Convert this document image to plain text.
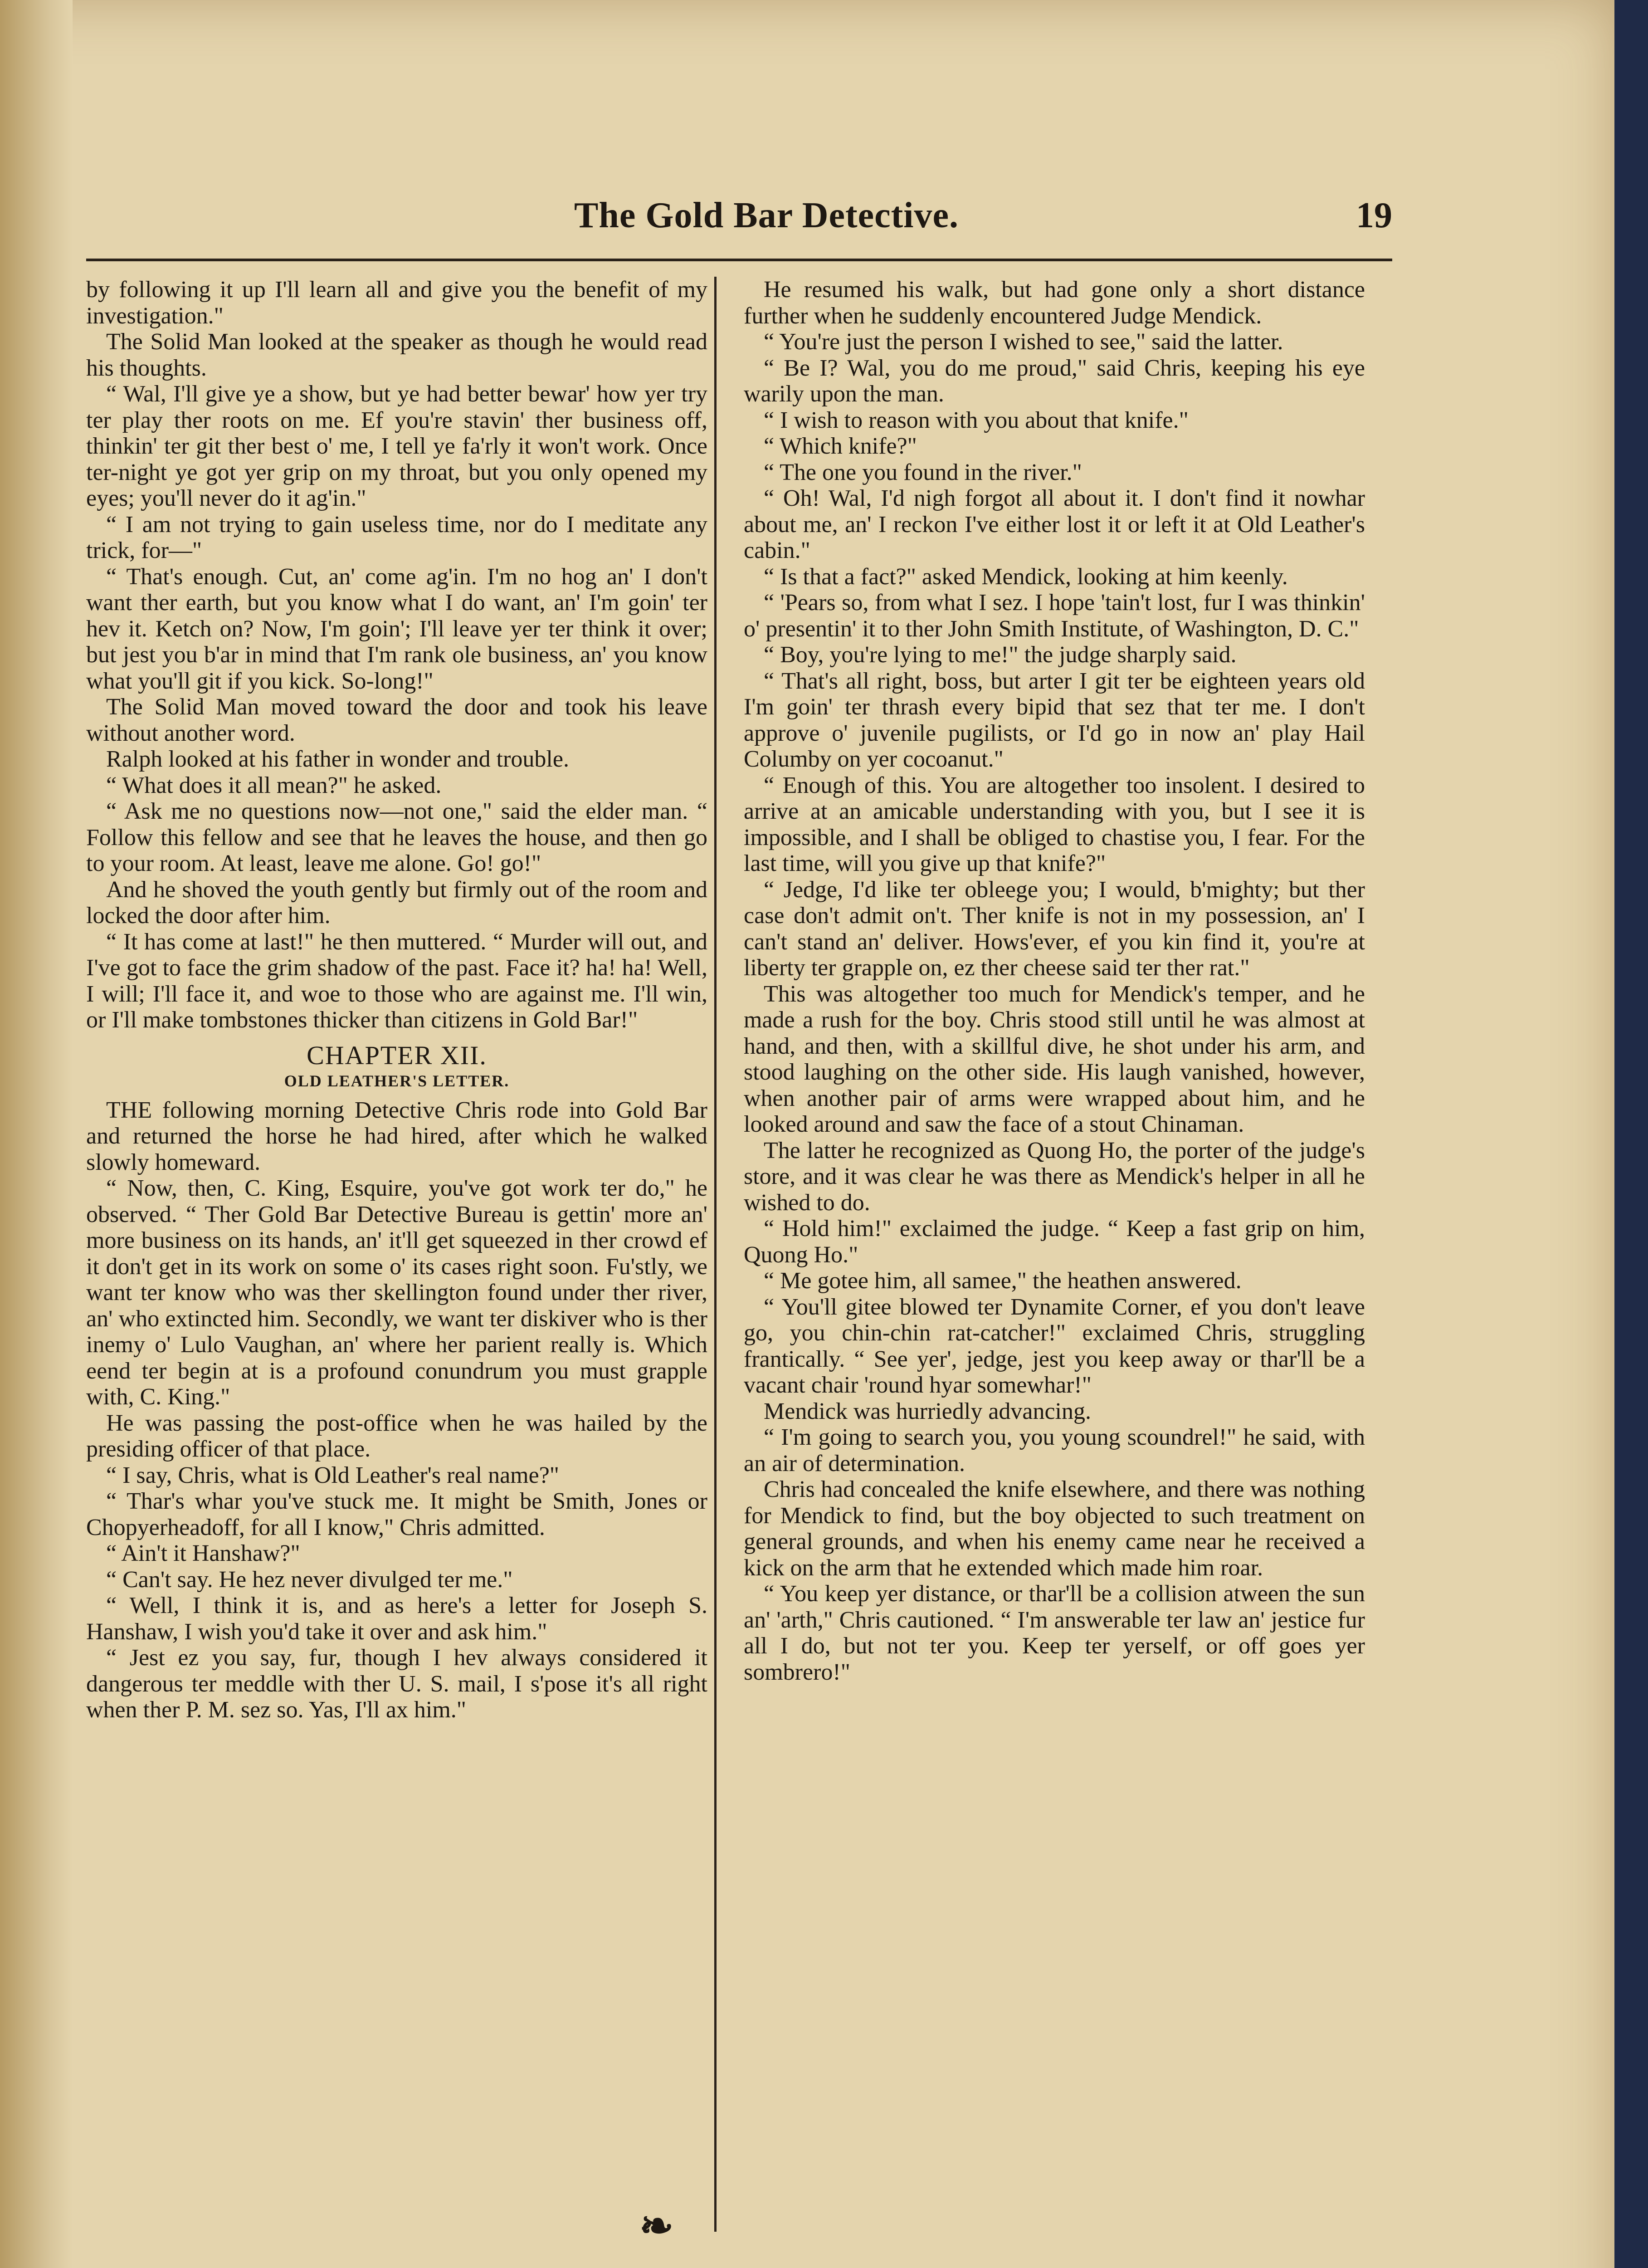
The Gold Bar Detective.	19

by following it up I'll learn all and give you the benefit of my investigation."

The Solid Man looked at the speaker as though he would read his thoughts.

“ Wal, I'll give ye a show, but ye had better bewar' how yer try ter play ther roots on me. Ef you're stavin' ther business off, thinkin' ter git ther best o' me, I tell ye fa'rly it won't work. Once ter-night ye got yer grip on my throat, but you only opened my eyes; you'll never do it ag'in."

“ I am not trying to gain useless time, nor do I meditate any trick, for—"

“ That's enough. Cut, an' come ag'in. I'm no hog an' I don't want ther earth, but you know what I do want, an' I'm goin' ter hev it. Ketch on? Now, I'm goin'; I'll leave yer ter think it over; but jest you b'ar in mind that I'm rank ole business, an' you know what you'll git if you kick. So-long!"

The Solid Man moved toward the door and took his leave without another word.

Ralph looked at his father in wonder and trouble.

“ What does it all mean?" he asked.

“ Ask me no questions now—not one," said the elder man. “ Follow this fellow and see that he leaves the house, and then go to your room. At least, leave me alone. Go! go!"

And he shoved the youth gently but firmly out of the room and locked the door after him.

“ It has come at last!" he then muttered. “ Murder will out, and I've got to face the grim shadow of the past. Face it? ha! ha! Well, I will; I'll face it, and woe to those who are against me. I'll win, or I'll make tombstones thicker than citizens in Gold Bar!"

CHAPTER XII.
OLD LEATHER'S LETTER.

THE following morning Detective Chris rode into Gold Bar and returned the horse he had hired, after which he walked slowly homeward.

“ Now, then, C. King, Esquire, you've got work ter do," he observed. “ Ther Gold Bar Detective Bureau is gettin' more an' more business on its hands, an' it'll get squeezed in ther crowd ef it don't get in its work on some o' its cases right soon. Fu'stly, we want ter know who was ther skellington found under ther river, an' who extincted him. Secondly, we want ter diskiver who is ther inemy o' Lulo Vaughan, an' where her parient really is. Which eend ter begin at is a profound conundrum you must grapple with, C. King."

He was passing the post-office when he was hailed by the presiding officer of that place.

“ I say, Chris, what is Old Leather's real name?"

“ Thar's whar you've stuck me. It might be Smith, Jones or Chopyerheadoff, for all I know," Chris admitted.

“ Ain't it Hanshaw?"

“ Can't say. He hez never divulged ter me."

“ Well, I think it is, and as here's a letter for Joseph S. Hanshaw, I wish you'd take it over and ask him."

“ Jest ez you say, fur, though I hev always considered it dangerous ter meddle with ther U. S. mail, I s'pose it's all right when ther P. M. sez so. Yas, I'll ax him."

He resumed his walk, but had gone only a short distance further when he suddenly encountered Judge Mendick.

“ You're just the person I wished to see," said the latter.

“ Be I? Wal, you do me proud," said Chris, keeping his eye warily upon the man.

“ I wish to reason with you about that knife."

“ Which knife?"

“ The one you found in the river."

“ Oh! Wal, I'd nigh forgot all about it. I don't find it nowhar about me, an' I reckon I've either lost it or left it at Old Leather's cabin."

“ Is that a fact?" asked Mendick, looking at him keenly.

“ 'Pears so, from what I sez. I hope 'tain't lost, fur I was thinkin' o' presentin' it to ther John Smith Institute, of Washington, D. C."

“ Boy, you're lying to me!" the judge sharply said.

“ That's all right, boss, but arter I git ter be eighteen years old I'm goin' ter thrash every bipid that sez that ter me. I don't approve o' juvenile pugilists, or I'd go in now an' play Hail Columby on yer cocoanut."

“ Enough of this. You are altogether too insolent. I desired to arrive at an amicable understanding with you, but I see it is impossible, and I shall be obliged to chastise you, I fear. For the last time, will you give up that knife?"

“ Jedge, I'd like ter obleege you; I would, b'mighty; but ther case don't admit on't. Ther knife is not in my possession, an' I can't stand an' deliver. Hows'ever, ef you kin find it, you're at liberty ter grapple on, ez ther cheese said ter ther rat."

This was altogether too much for Mendick's temper, and he made a rush for the boy. Chris stood still until he was almost at hand, and then, with a skillful dive, he shot under his arm, and stood laughing on the other side. His laugh vanished, however, when another pair of arms were wrapped about him, and he looked around and saw the face of a stout Chinaman.

The latter he recognized as Quong Ho, the porter of the judge's store, and it was clear he was there as Mendick's helper in all he wished to do.

“ Hold him!" exclaimed the judge. “ Keep a fast grip on him, Quong Ho."

“ Me gotee him, all samee," the heathen answered.

“ You'll gitee blowed ter Dynamite Corner, ef you don't leave go, you chin-chin rat-catcher!" exclaimed Chris, struggling frantically. “ See yer', jedge, jest you keep away or thar'll be a vacant chair 'round hyar somewhar!"

Mendick was hurriedly advancing.

“ I'm going to search you, you young scoundrel!" he said, with an air of determination.

Chris had concealed the knife elsewhere, and there was nothing for Mendick to find, but the boy objected to such treatment on general grounds, and when his enemy came near he received a kick on the arm that he extended which made him roar.

“ You keep yer distance, or thar'll be a collision atween the sun an' 'arth," Chris cautioned. “ I'm answerable ter law an' jestice fur all I do, but not ter you. Keep ter yerself, or off goes yer sombrero!"

❧
